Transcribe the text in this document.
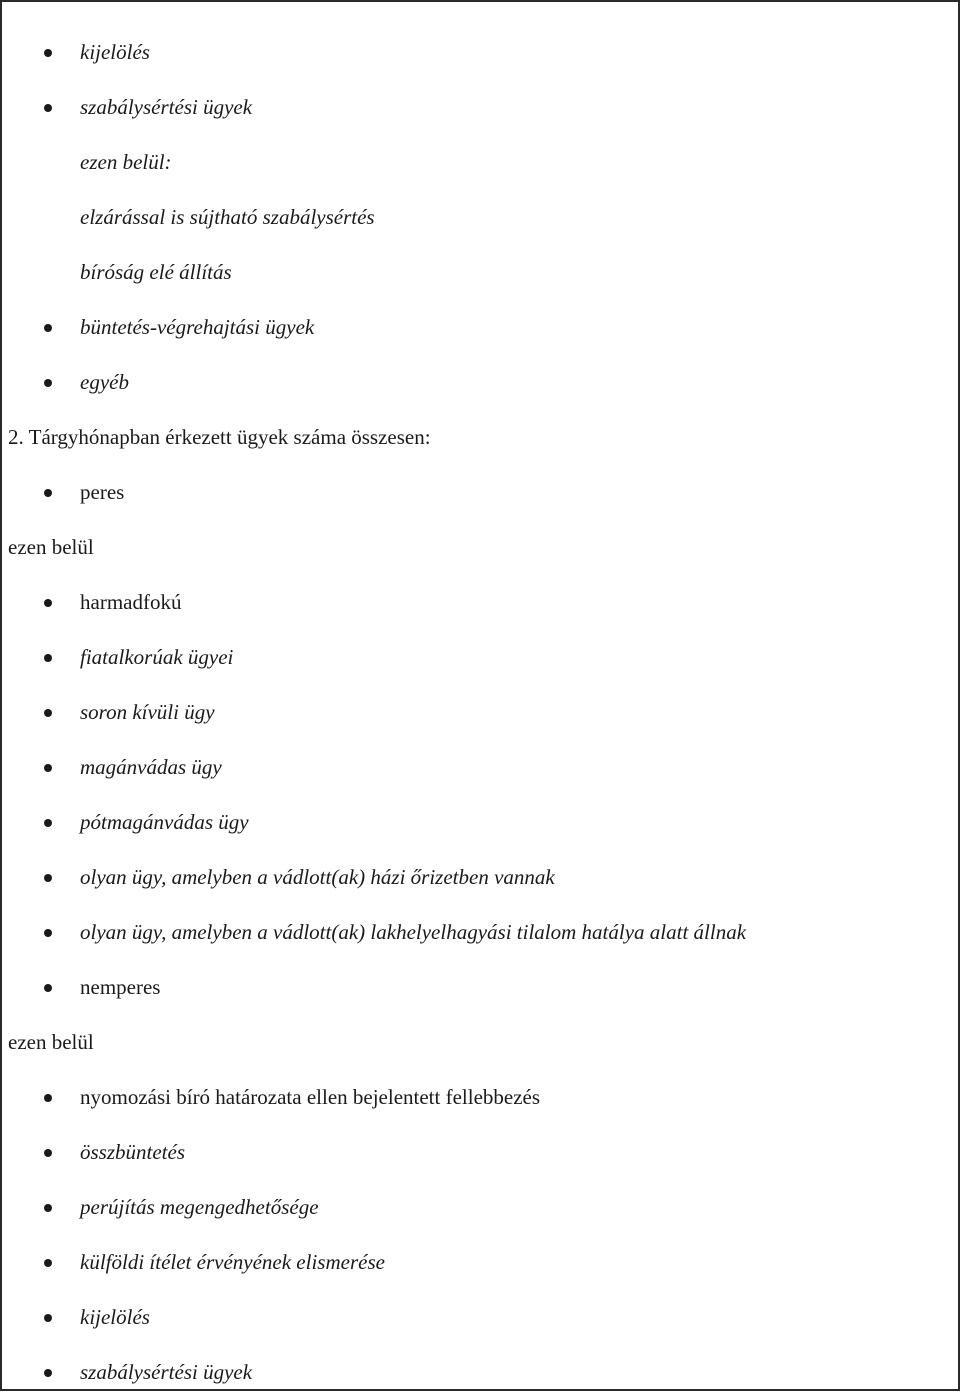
kijelölés
szabálysértési ügyek
ezen belül:
elzárással is sújtható szabálysértés
bíróság elé állítás
büntetés-végrehajtási ügyek
egyéb
2. Tárgyhónapban érkezett ügyek száma összesen:
peres
ezen belül
harmadfokú
fiatalkorúak ügyei
soron kívüli ügy
magánvádas ügy
pótmagánvádas ügy
olyan ügy, amelyben a vádlott(ak) házi őrizetben vannak
olyan ügy, amelyben a vádlott(ak) lakhelyelhagyási tilalom hatálya alatt állnak
nemperes
ezen belül
nyomozási bíró határozata ellen bejelentett fellebbezés
összbüntetés
perújítás megengedhetősége
külföldi ítélet érvényének elismerése
kijelölés
szabálysértési ügyek
